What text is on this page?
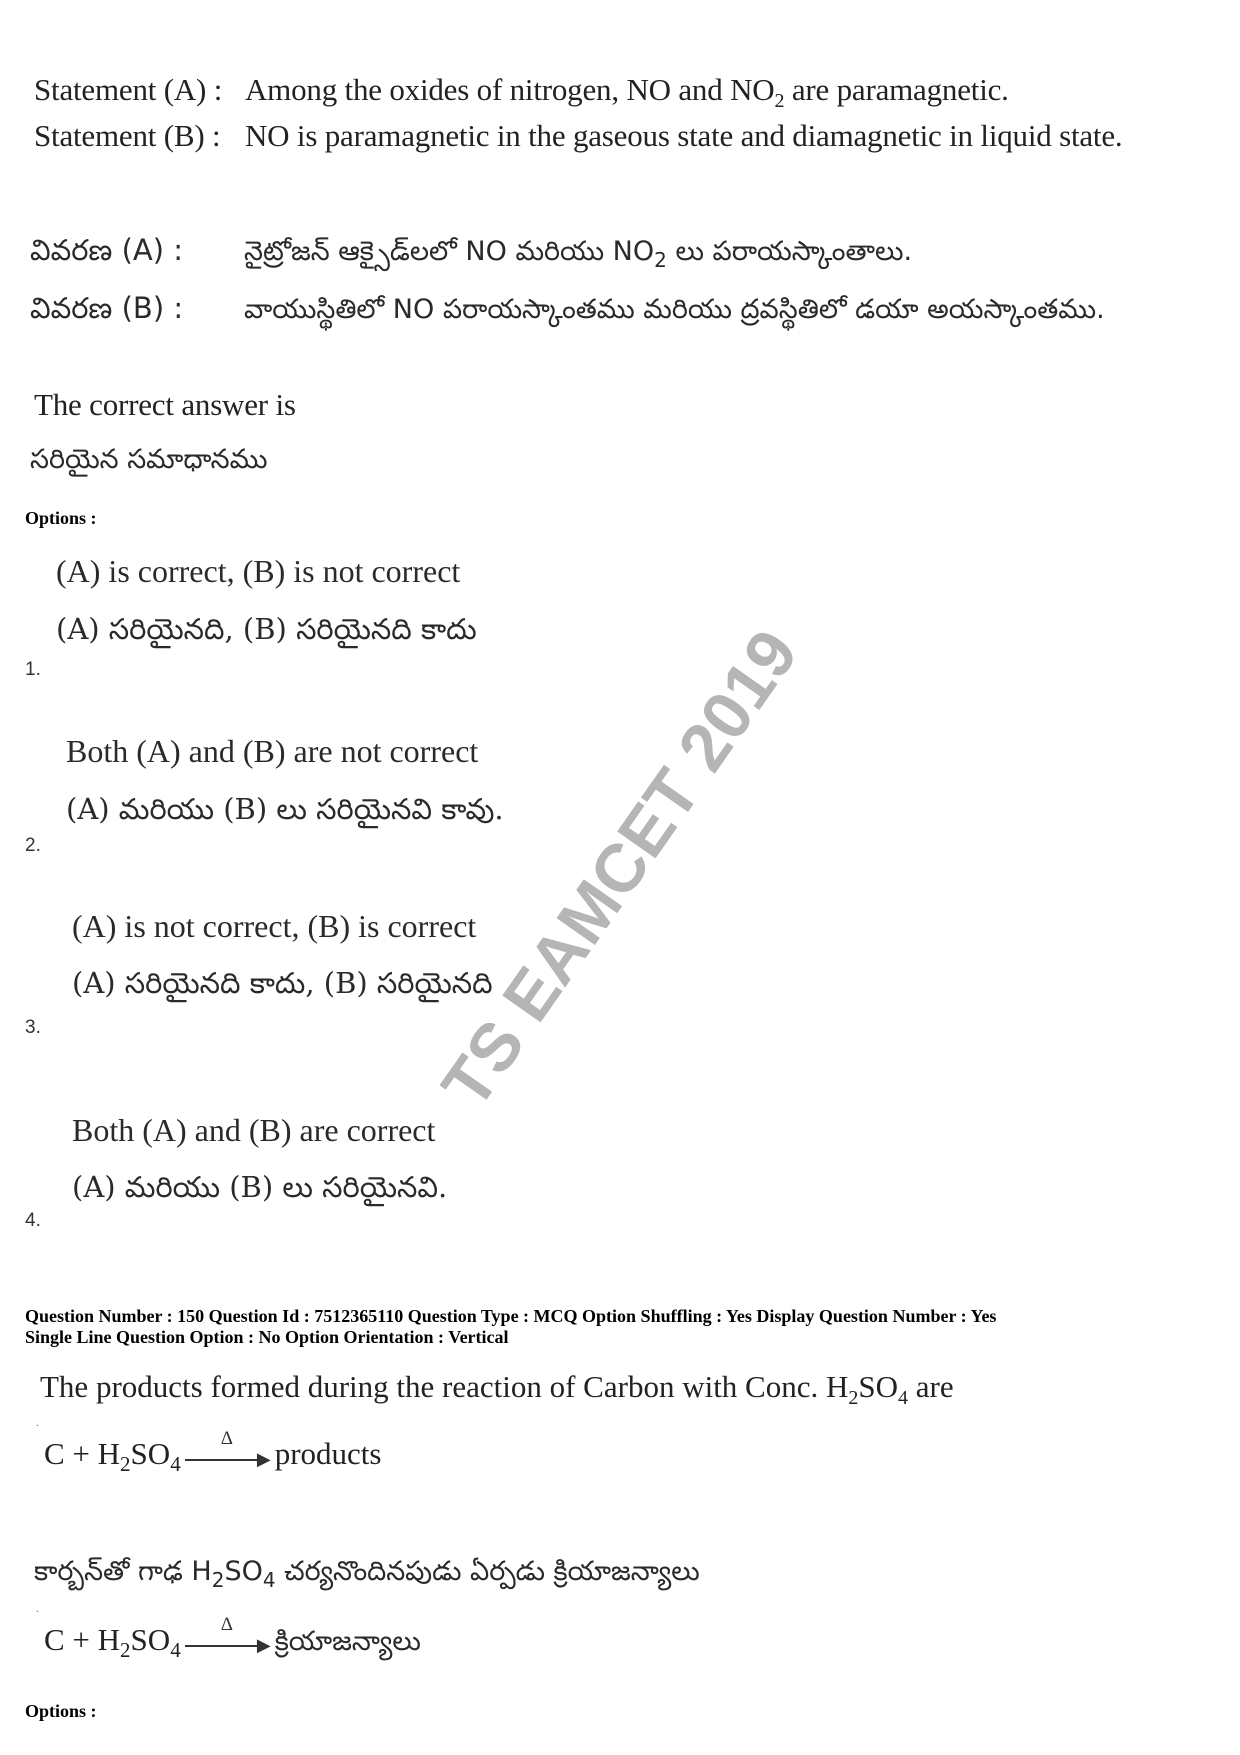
Statement (A) : Among the oxides of nitrogen, NO and $NO_2$ are paramagnetic.
Statement (B) : NO is paramagnetic in the gaseous state and diamagnetic in liquid state.
వివరణ (A) : నైట్రోజన్ ఆక్సైడ్‌లలో NO మరియు $NO_2$ లు పరాయస్కాంతాలు.
వివరణ (B) : వాయుస్థితిలో NO పరాయస్కాంతము మరియు ద్రవస్థితిలో డయా అయస్కాంతము.
The correct answer is
సరియైన సమాధానము
Options :
(A) is correct, (B) is not correct
(A) సరియైనది, (B) సరియైనది కాదు
1.
Both (A) and (B) are not correct
(A) మరియు (B) లు సరియైనవి కావు.
2.
(A) is not correct, (B) is correct
(A) సరియైనది కాదు, (B) సరియైనది
3.
Both (A) and (B) are correct
(A) మరియు (B) లు సరియైనవి.
4.
Question Number : 150 Question Id : 7512365110 Question Type : MCQ Option Shuffling : Yes Display Question Number : Yes
Single Line Question Option : No Option Orientation : Vertical
The products formed during the reaction of Carbon with Conc. $H_2SO_4$ are
.
$C + H_2SO_4$
Δ
▶ products
కార్బన్‌తో గాఢ $H_2SO_4$ చర్యనొందినపుడు ఏర్పడు క్రియాజన్యాలు
.
$C + H_2SO_4$
Δ
▶ క్రియాజన్యాలు
Options :
TS EAMCET 2019
